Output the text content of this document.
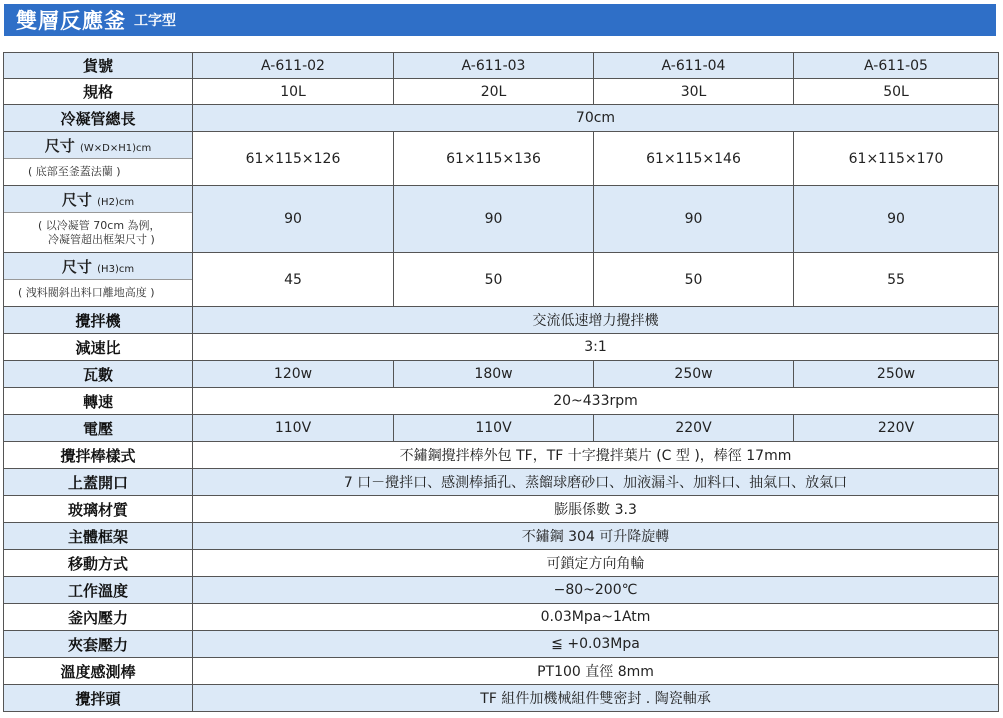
雙層反應釜 工字型
貨號	A-611-02	A-611-03	A-611-04	A-611-05
規格	10L	20L	30L	50L
冷凝管總長	70cm			

尺寸 (W×D×H1)cm
( 底部至釜蓋法蘭 )	61×115×126	61×115×136	61×115×146	61×115×170

尺寸 (H2)cm
( 以冷凝管 70cm 為例，
冷凝管超出框架尺寸 )	90	90	90	90

尺寸 (H3)cm
( 洩料閥斜出料口離地高度 )	45	50	50	55
攪拌機	交流低速增力攪拌機			
減速比	3:1			
瓦數	120w	180w	250w	250w
轉速	20~433rpm			
電壓	110V	110V	220V	220V
攪拌棒樣式	不鏽鋼攪拌棒外包 TF，TF 十字攪拌葉片 (C 型 )，棒徑 17mm			
上蓋開口	7 口－攪拌口、感測棒插孔、蒸餾球磨砂口、加液漏斗、加料口、抽氣口、放氣口			
玻璃材質	膨脹係數 3.3			
主體框架	不鏽鋼 304 可升降旋轉			
移動方式	可鎖定方向角輪			
工作溫度	−80~200℃			
釜內壓力	0.03Mpa~1Atm			
夾套壓力	≦ +0.03Mpa			
溫度感測棒	PT100 直徑 8mm			
攪拌頭	TF 組件加機械組件雙密封 . 陶瓷軸承			
